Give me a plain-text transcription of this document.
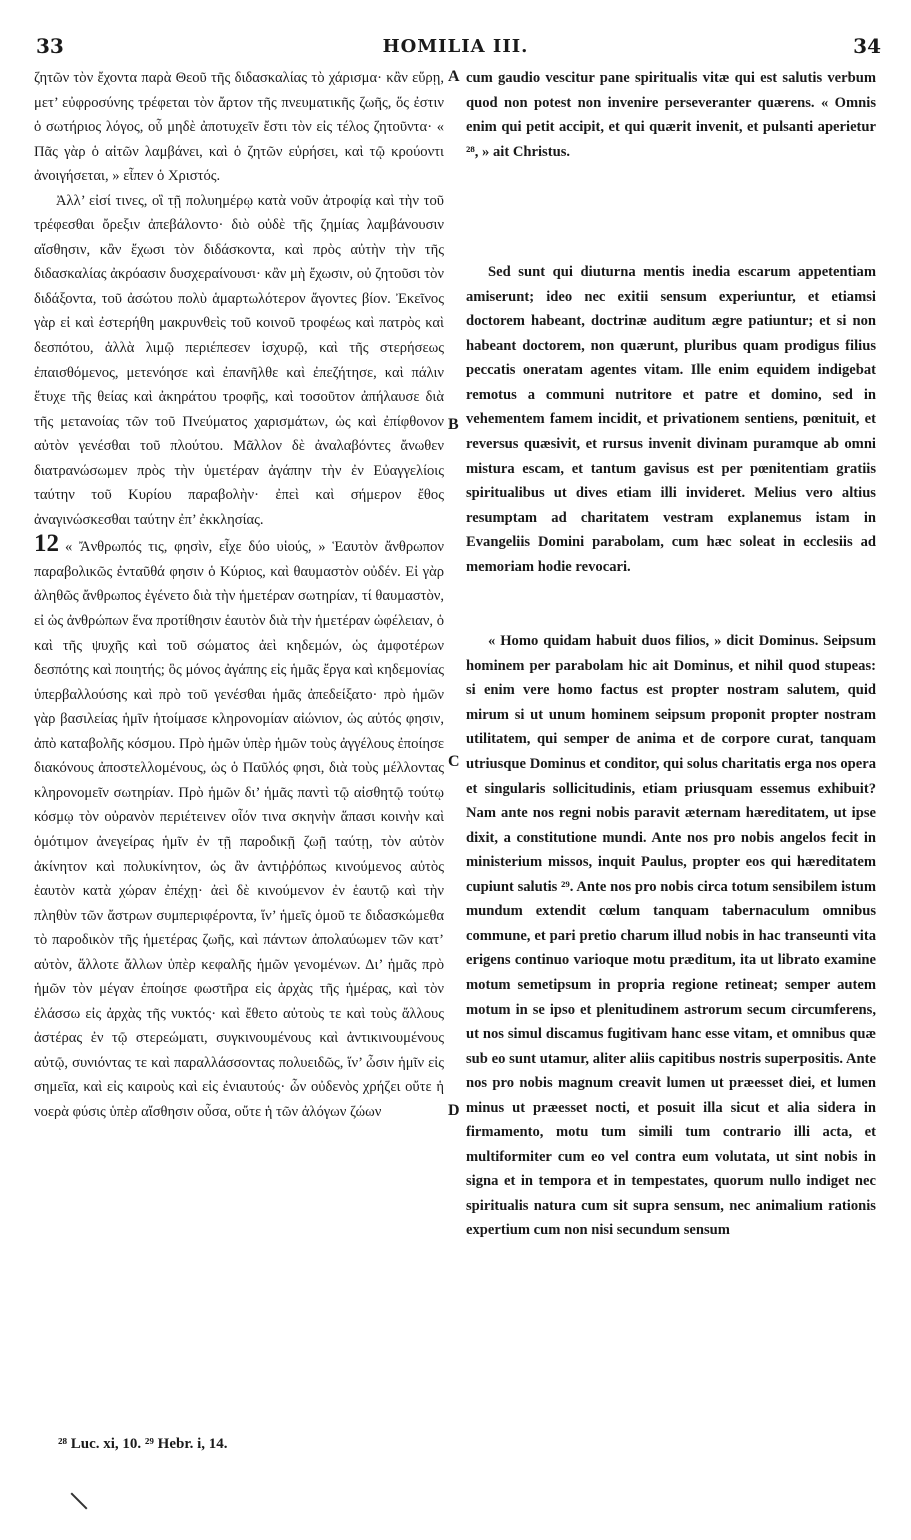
33	HOMILIA III.	34

ζητῶν τὸν ἔχοντα παρὰ Θεοῦ τῆς διδασκαλίας τὸ χάρισμα· κἂν εὕρῃ, μετ’ εὐφροσύνης τρέφεται τὸν ἄρτον τῆς πνευματικῆς ζωῆς, ὅς ἐστιν ὁ σωτήριος λόγος, οὗ μηδὲ ἀποτυχεῖν ἔστι τὸν εἰς τέλος ζητοῦντα· « Πᾶς γὰρ ὁ αἰτῶν λαμβάνει, καὶ ὁ ζητῶν εὑρήσει, καὶ τῷ κρούοντι ἀνοιγήσεται, » εἶπεν ὁ Χριστός.

Ἀλλ’ εἰσί τινες, οἳ τῇ πολυημέρῳ κατὰ νοῦν ἀτροφίᾳ καὶ τὴν τοῦ τρέφεσθαι ὄρεξιν ἀπεβάλοντο· διὸ οὐδὲ τῆς ζημίας λαμβάνουσιν αἴσθησιν, κἂν ἔχωσι τὸν διδάσκοντα, καὶ πρὸς αὐτὴν τὴν τῆς διδασκαλίας ἀκρόασιν δυσχεραίνουσι· κἂν μὴ ἔχωσιν, οὐ ζητοῦσι τὸν διδάξοντα, τοῦ ἀσώτου πολὺ ἁμαρτωλότερον ἄγοντες βίον. Ἐκεῖνος γὰρ εἰ καὶ ἐστερήθη μακρυνθεὶς τοῦ κοινοῦ τροφέως καὶ πατρὸς καὶ δεσπότου, ἀλλὰ λιμῷ περιέπεσεν ἰσχυρῷ, καὶ τῆς στερήσεως ἐπαισθόμενος, μετενόησε καὶ ἐπανῆλθε καὶ ἐπεζήτησε, καὶ πάλιν ἔτυχε τῆς θείας καὶ ἀκηράτου τροφῆς, καὶ τοσοῦτον ἀπήλαυσε διὰ τῆς μετανοίας τῶν τοῦ Πνεύματος χαρισμάτων, ὡς καὶ ἐπίφθονον αὐτὸν γενέσθαι τοῦ πλούτου. Μᾶλλον δὲ ἀναλαβόντες ἄνωθεν διατρανώσωμεν πρὸς τὴν ὑμετέραν ἀγάπην τὴν ἐν Εὐαγγελίοις ταύτην τοῦ Κυρίου παραβολὴν· ἐπεὶ καὶ σήμερον ἔθος ἀναγινώσκεσθαι ταύτην ἐπ’ ἐκκλησίας.

12 « Ἄνθρωπός τις, φησὶν, εἶχε δύο υἱούς, » Ἑαυτὸν ἄνθρωπον παραβολικῶς ἐνταῦθά φησιν ὁ Κύριος, καὶ θαυμαστὸν οὐδέν. Εἰ γὰρ ἀληθῶς ἄνθρωπος ἐγένετο διὰ τὴν ἡμετέραν σωτηρίαν, τί θαυμαστὸν, εἰ ὡς ἀνθρώπων ἕνα προτίθησιν ἑαυτὸν διὰ τὴν ἡμετέραν ὠφέλειαν, ὁ καὶ τῆς ψυχῆς καὶ τοῦ σώματος ἀεὶ κηδεμών, ὡς ἀμφοτέρων δεσπότης καὶ ποιητής; ὃς μόνος ἀγάπης εἰς ἡμᾶς ἔργα καὶ κηδεμονίας ὑπερβαλλούσης καὶ πρὸ τοῦ γενέσθαι ἡμᾶς ἀπεδείξατο· πρὸ ἡμῶν γὰρ βασιλείας ἡμῖν ἡτοίμασε κληρονομίαν αἰώνιον, ὡς αὐτός φησιν, ἀπὸ καταβολῆς κόσμου. Πρὸ ἡμῶν ὑπὲρ ἡμῶν τοὺς ἀγγέλους ἐποίησε διακόνους ἀποστελλομένους, ὡς ὁ Παῦλός φησι, διὰ τοὺς μέλλοντας κληρονομεῖν σωτηρίαν. Πρὸ ἡμῶν δι’ ἡμᾶς παντὶ τῷ αἰσθητῷ τούτῳ κόσμῳ τὸν οὐρανὸν περιέτεινεν οἷόν τινα σκηνὴν ἅπασι κοινὴν καὶ ὁμότιμον ἀνεγείρας ἡμῖν ἐν τῇ παροδικῇ ζωῇ ταύτῃ, τὸν αὐτὸν ἀκίνητον καὶ πολυκίνητον, ὡς ἂν ἀντιῤῥόπως κινούμενος αὐτὸς ἑαυτὸν κατὰ χώραν ἐπέχῃ· ἀεὶ δὲ κινούμενον ἐν ἑαυτῷ καὶ τὴν πληθὺν τῶν ἄστρων συμπεριφέροντα, ἵν’ ἡμεῖς ὁμοῦ τε διδασκώμεθα τὸ παροδικὸν τῆς ἡμετέρας ζωῆς, καὶ πάντων ἀπολαύωμεν τῶν κατ’ αὐτὸν, ἄλλοτε ἄλλων ὑπὲρ κεφαλῆς ἡμῶν γενομένων. Δι’ ἡμᾶς πρὸ ἡμῶν τὸν μέγαν ἐποίησε φωστῆρα εἰς ἀρχὰς τῆς ἡμέρας, καὶ τὸν ἐλάσσω εἰς ἀρχὰς τῆς νυκτός· καὶ ἔθετο αὐτοὺς τε καὶ τοὺς ἄλλους ἀστέρας ἐν τῷ στερεώματι, συγκινουμένους καὶ ἀντικινουμένους αὐτῷ, συνιόντας τε καὶ παραλλάσσοντας πολυειδῶς, ἵν’ ὦσιν ἡμῖν εἰς σημεῖα, καὶ εἰς καιροὺς καὶ εἰς ἐνιαυτούς· ὧν οὐδενὸς χρήζει οὔτε ἡ νοερὰ φύσις ὑπὲρ αἴσθησιν οὖσα, οὔτε ἡ τῶν ἀλόγων ζώων

cum gaudio vescitur pane spiritualis vitæ qui est salutis verbum quod non potest non invenire perseveranter quærens. « Omnis enim qui petit accipit, et qui quærit invenit, et pulsanti aperietur ²⁸, » ait Christus.

Sed sunt qui diuturna mentis inedia escarum appetentiam amiserunt; ideo nec exitii sensum experiuntur, et etiamsi doctorem habeant, doctrinæ auditum ægre patiuntur; et si non habeant doctorem, non quærunt, pluribus quam prodigus filius peccatis oneratam agentes vitam. Ille enim equidem indigebat remotus a communi nutritore et patre et domino, sed in vehementem famem incidit, et privationem sentiens, pœnituit, et reversus quæsivit, et rursus invenit divinam puramque ab omni mistura escam, et tantum gavisus est per pœnitentiam gratiis spiritualibus ut dives etiam illi invideret. Melius vero altius resumptam ad charitatem vestram explanemus istam in Evangeliis Domini parabolam, cum hæc soleat in ecclesiis ad memoriam hodie revocari.

« Homo quidam habuit duos filios, » dicit Dominus. Seipsum hominem per parabolam hic ait Dominus, et nihil quod stupeas: si enim vere homo factus est propter nostram salutem, quid mirum si ut unum hominem seipsum proponit propter nostram utilitatem, qui semper de anima et de corpore curat, tanquam utriusque Dominus et conditor, qui solus charitatis erga nos opera et singularis sollicitudinis, etiam priusquam essemus exhibuit? Nam ante nos regni nobis paravit æternam hæreditatem, ut ipse dixit, a constitutione mundi. Ante nos pro nobis angelos fecit in ministerium missos, inquit Paulus, propter eos qui hæreditatem cupiunt salutis ²⁹. Ante nos pro nobis circa totum sensibilem istum mundum extendit cœlum tanquam tabernaculum omnibus commune, et pari pretio charum illud nobis in hac transeunti vita erigens continuo varioque motu præditum, ita ut librato examine motum semetipsum in propria regione retineat; semper autem motum in se ipso et plenitudinem astrorum secum circumferens, ut nos simul discamus fugitivam hanc esse vitam, et omnibus quæ sub eo sunt utamur, aliter aliis capitibus nostris superpositis. Ante nos pro nobis magnum creavit lumen ut præesset diei, et lumen minus ut præesset nocti, et posuit illa sicut et alia sidera in firmamento, motu tum simili tum contrario illi acta, et multiformiter cum eo vel contra eum volutata, ut sint nobis in signa et in tempora et in tempestates, quorum nullo indiget nec spiritualis natura cum sit supra sensum, nec animalium rationis expertium cum non nisi secundum sensum

A
B
C
D
²⁸ Luc. xi, 10. ²⁹ Hebr. i, 14.
